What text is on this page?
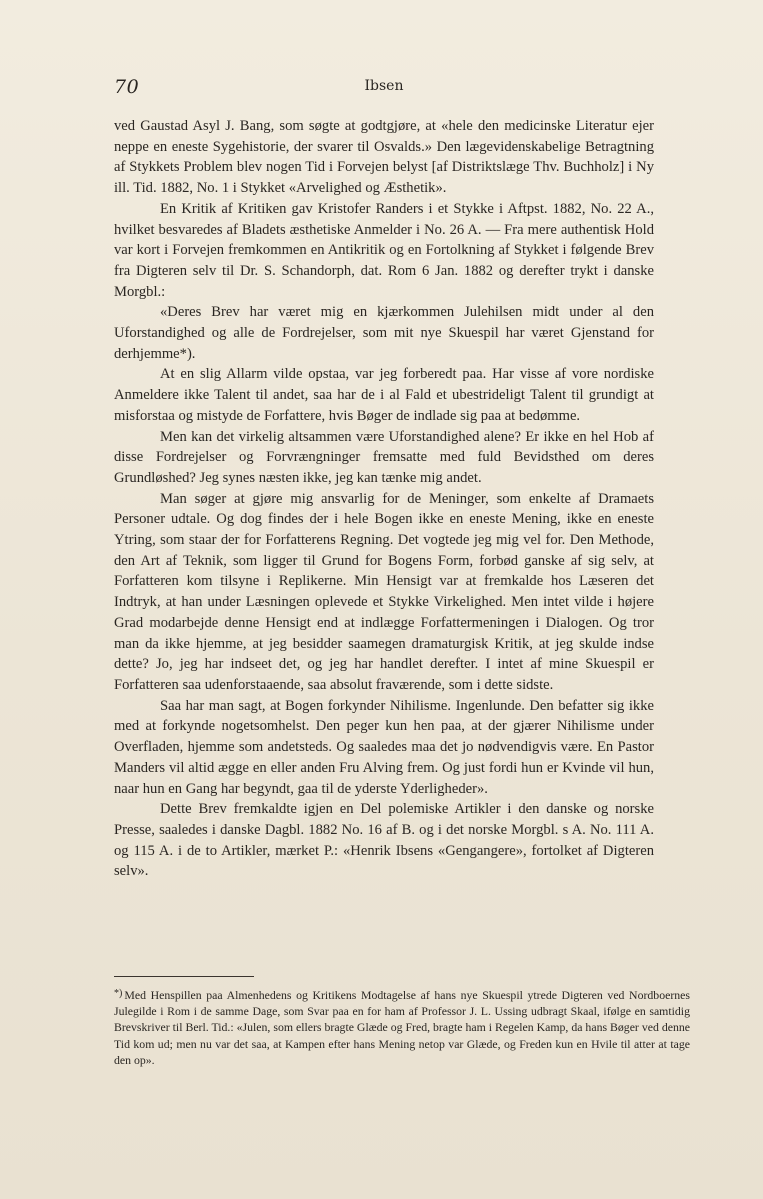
70	Ibsen

ved Gaustad Asyl J. Bang, som søgte at godtgjøre, at «hele den medicinske Literatur ejer neppe en eneste Sygehistorie, der svarer til Osvalds.» Den lægevidenskabelige Betragtning af Stykkets Problem blev nogen Tid i Forvejen belyst [af Distriktslæge Thv. Buchholz] i Ny ill. Tid. 1882, No. 1 i Stykket «Arvelighed og Æsthetik».

En Kritik af Kritiken gav Kristofer Randers i et Stykke i Aftpst. 1882, No. 22 A., hvilket besvaredes af Bladets æsthetiske Anmelder i No. 26 A. — Fra mere authentisk Hold var kort i Forvejen fremkommen en Antikritik og en Fortolkning af Stykket i følgende Brev fra Digteren selv til Dr. S. Schandorph, dat. Rom 6 Jan. 1882 og derefter trykt i danske Morgbl.:

«Deres Brev har været mig en kjærkommen Julehilsen midt under al den Uforstandighed og alle de Fordrejelser, som mit nye Skuespil har været Gjenstand for derhjemme*).

At en slig Allarm vilde opstaa, var jeg forberedt paa. Har visse af vore nordiske Anmeldere ikke Talent til andet, saa har de i al Fald et ubestrideligt Talent til grundigt at misforstaa og mistyde de Forfattere, hvis Bøger de indlade sig paa at bedømme.

Men kan det virkelig altsammen være Uforstandighed alene? Er ikke en hel Hob af disse Fordrejelser og Forvrængninger fremsatte med fuld Bevidsthed om deres Grundløshed? Jeg synes næsten ikke, jeg kan tænke mig andet.

Man søger at gjøre mig ansvarlig for de Meninger, som enkelte af Dramaets Personer udtale. Og dog findes der i hele Bogen ikke en eneste Mening, ikke en eneste Ytring, som staar der for Forfatterens Regning. Det vogtede jeg mig vel for. Den Methode, den Art af Teknik, som ligger til Grund for Bogens Form, forbød ganske af sig selv, at Forfatteren kom tilsyne i Replikerne. Min Hensigt var at fremkalde hos Læseren det Indtryk, at han under Læsningen oplevede et Stykke Virkelighed. Men intet vilde i højere Grad modarbejde denne Hensigt end at indlægge Forfattermeningen i Dialogen. Og tror man da ikke hjemme, at jeg besidder saamegen dramaturgisk Kritik, at jeg skulde indse dette? Jo, jeg har indseet det, og jeg har handlet derefter. I intet af mine Skuespil er Forfatteren saa udenforstaaende, saa absolut fraværende, som i dette sidste.

Saa har man sagt, at Bogen forkynder Nihilisme. Ingenlunde. Den befatter sig ikke med at forkynde nogetsomhelst. Den peger kun hen paa, at der gjærer Nihilisme under Overfladen, hjemme som andetsteds. Og saaledes maa det jo nødvendigvis være. En Pastor Manders vil altid ægge en eller anden Fru Alving frem. Og just fordi hun er Kvinde vil hun, naar hun en Gang har begyndt, gaa til de yderste Yderligheder».

Dette Brev fremkaldte igjen en Del polemiske Artikler i den danske og norske Presse, saaledes i danske Dagbl. 1882 No. 16 af B. og i det norske Morgbl. s A. No. 111 A. og 115 A. i de to Artikler, mærket P.: «Henrik Ibsens «Gengangere», fortolket af Digteren selv».

*) Med Henspillen paa Almenhedens og Kritikens Modtagelse af hans nye Skuespil ytrede Digteren ved Nordboernes Julegilde i Rom i de samme Dage, som Svar paa en for ham af Professor J. L. Ussing udbragt Skaal, ifølge en samtidig Brevskriver til Berl. Tid.: «Julen, som ellers bragte Glæde og Fred, bragte ham i Regelen Kamp, da hans Bøger ved denne Tid kom ud; men nu var det saa, at Kampen efter hans Mening netop var Glæde, og Freden kun en Hvile til atter at tage den op».
